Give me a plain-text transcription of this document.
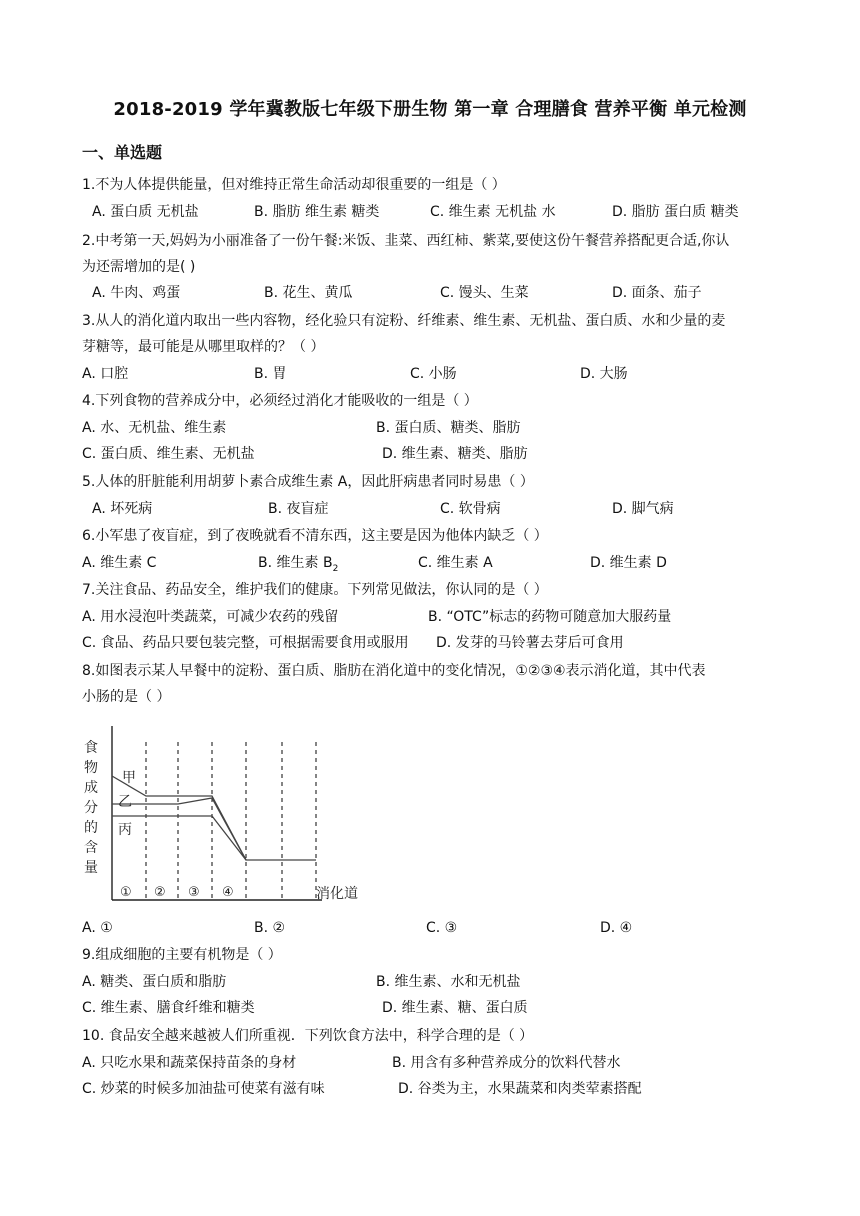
2018-2019 学年冀教版七年级下册生物 第一章 合理膳食 营养平衡 单元检测
一、单选题
1.不为人体提供能量，但对维持正常生命活动却很重要的一组是（ ）
A. 蛋白质 无机盐	B. 脂肪 维生素 糖类	C. 维生素 无机盐 水	D. 脂肪 蛋白质 糖类
2.中考第一天,妈妈为小丽准备了一份午餐:米饭、韭菜、西红柿、紫菜,要使这份午餐营养搭配更合适,你认
为还需增加的是( )
A. 牛肉、鸡蛋	B. 花生、黄瓜	C. 馒头、生菜	D. 面条、茄子
3.从人的消化道内取出一些内容物，经化验只有淀粉、纤维素、维生素、无机盐、蛋白质、水和少量的麦
芽糖等，最可能是从哪里取样的？（ ）
A. 口腔	B. 胃	C. 小肠	D. 大肠
4.下列食物的营养成分中，必须经过消化才能吸收的一组是（ ）
A. 水、无机盐、维生素	B. 蛋白质、糖类、脂肪
C. 蛋白质、维生素、无机盐	D. 维生素、糖类、脂肪
5.人体的肝脏能利用胡萝卜素合成维生素 A，因此肝病患者同时易患（ ）
A. 坏死病	B. 夜盲症	C. 软骨病	D. 脚气病
6.小军患了夜盲症，到了夜晚就看不清东西，这主要是因为他体内缺乏（ ）
A. 维生素 C	B. 维生素 $B_2$	C. 维生素 A	D. 维生素 D
7.关注食品、药品安全，维护我们的健康。下列常见做法，你认同的是（ ）
A. 用水浸泡叶类蔬菜，可减少农药的残留	B. “OTC”标志的药物可随意加大服药量
C. 食品、药品只要包装完整，可根据需要食用或服用 D. 发芽的马铃薯去芽后可食用
8.如图表示某人早餐中的淀粉、蛋白质、脂肪在消化道中的变化情况，①②③④表示消化道，其中代表
小肠的是（ ）
食 物 成 分 的 含 量
甲
乙
丙
① ② ③ ④	消化道
A. ①	B. ②	C. ③	D. ④
9.组成细胞的主要有机物是（ ）
A. 糖类、蛋白质和脂肪	B. 维生素、水和无机盐
C. 维生素、膳食纤维和糖类	D. 维生素、糖、蛋白质
10. 食品安全越来越被人们所重视．下列饮食方法中，科学合理的是（ ）
A. 只吃水果和蔬菜保持苗条的身材	B. 用含有多种营养成分的饮料代替水
C. 炒菜的时候多加油盐可使菜有滋有味	D. 谷类为主，水果蔬菜和肉类荤素搭配
